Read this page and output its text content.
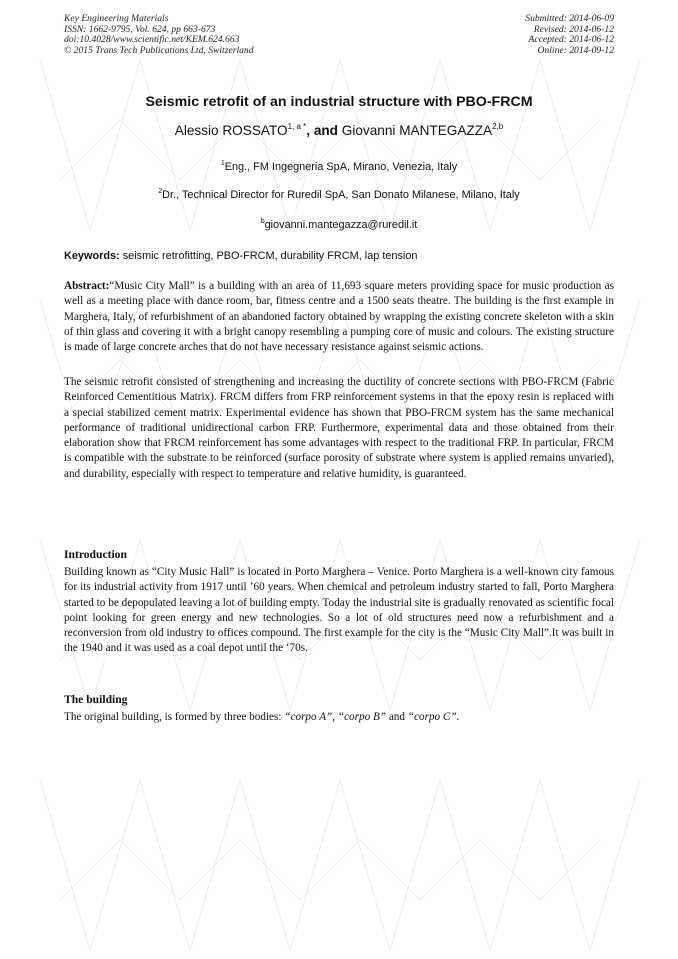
Key Engineering Materials
ISSN: 1662-9795, Vol. 624, pp 663-673
doi:10.4028/www.scientific.net/KEM.624.663
© 2015 Trans Tech Publications Ltd, Switzerland
Submitted: 2014-06-09
Revised: 2014-06-12
Accepted: 2014-06-12
Online: 2014-09-12
Seismic retrofit of an industrial structure with PBO-FRCM
Alessio $ROSSATO^{1, a *}$, and Giovanni MANTEGAZZA$^{2,b}$
$^1$Eng., FM Ingegneria SpA, Mirano, Venezia, Italy
$^2$Dr., Technical Director for Ruredil SpA, San Donato Milanese, Milano, Italy
$^b$giovanni.mantegazza@ruredil.it
Keywords: seismic retrofitting, PBO-FRCM, durability FRCM, lap tension

Abstract:“Music City Mall” is a building with an area of 11,693 square meters providing space for music production as well as a meeting place with dance room, bar, fitness centre and a 1500 seats theatre. The building is the first example in Marghera, Italy, of refurbishment of an abandoned factory obtained by wrapping the existing concrete skeleton with a skin of thin glass and covering it with a bright canopy resembling a pumping core of music and colours. The existing structure is made of large concrete arches that do not have necessary resistance against seismic actions.

The seismic retrofit consisted of strengthening and increasing the ductility of concrete sections with PBO-FRCM (Fabric Reinforced Cementitious Matrix). FRCM differs from FRP reinforcement systems in that the epoxy resin is replaced with a special stabilized cement matrix. Experimental evidence has shown that PBO-FRCM system has the same mechanical performance of traditional unidirectional carbon FRP. Furthermore, experimental data and those obtained from their elaboration show that FRCM reinforcement has some advantages with respect to the traditional FRP. In particular, FRCM is compatible with the substrate to be reinforced (surface porosity of substrate where system is applied remains unvaried), and durability, especially with respect to temperature and relative humidity, is guaranteed.

Introduction

Building known as “City Music Hall” is located in Porto Marghera – Venice. Porto Marghera is a well-known city famous for its industrial activity from 1917 until ’60 years. When chemical and petroleum industry started to fall, Porto Marghera started to be depopulated leaving a lot of building empty. Today the industrial site is gradually renovated as scientific focal point looking for green energy and new technologies. So a lot of old structures need now a refurbishment and a reconversion from old industry to offices compound. The first example for the city is the “Music City Mall”.It was built in the 1940 and it was used as a coal depot until the ‘70s.

The building

The original building, is formed by three bodies: “corpo A”, “corpo B” and “corpo C”.
